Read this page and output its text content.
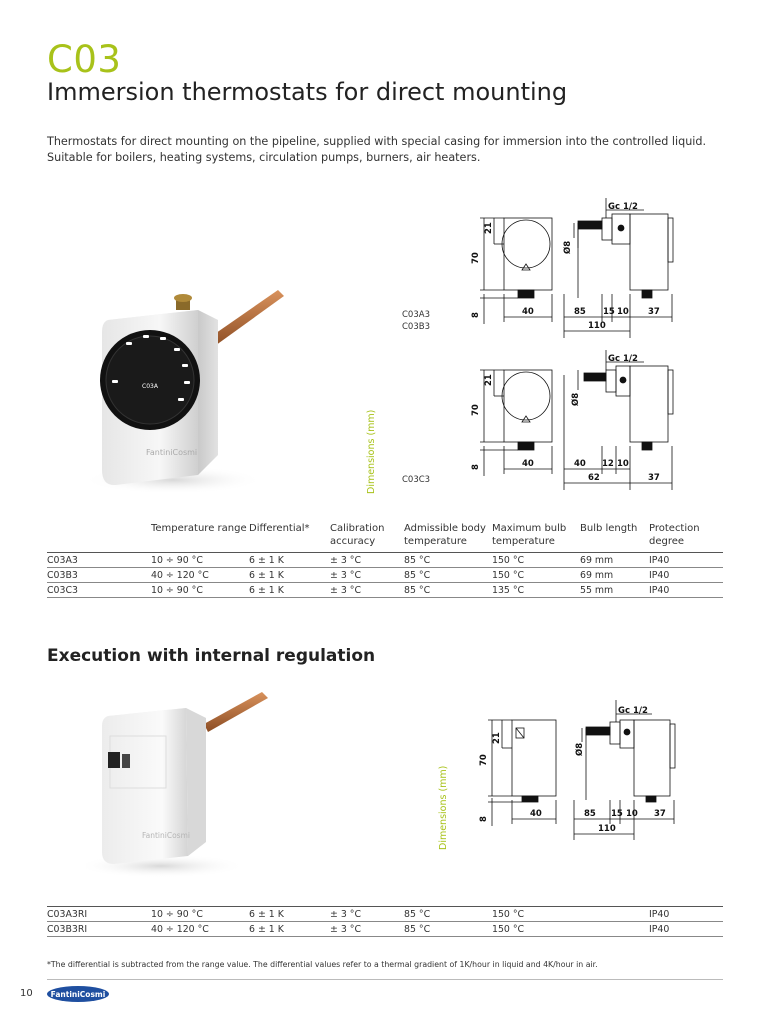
C03
Immersion thermostats for direct mounting

Thermostats for direct mounting on the pipeline, supplied with special casing for immersion into the controlled liquid. Suitable for boilers, heating systems, circulation pumps, burners, air heaters.

C03A
FantiniCosmi
Gc 1/2
21
70
8	40
Ø8
85 15 10 37
110
C03A3
C03B3
Gc 1/2
21
70
8	40
Ø8
40 12 10
62	37
C03C3
Dimensions (mm)
	Temperature range	Differential*	Calibration accuracy	Admissible body temperature	Maximum bulb temperature	Bulb length	Protection degree
C03A3	10 ÷ 90 °C	6 ± 1 K	± 3 °C	85 °C	150 °C	69 mm	IP40
C03B3	40 ÷ 120 °C	6 ± 1 K	± 3 °C	85 °C	150 °C	69 mm	IP40
C03C3	10 ÷ 90 °C	6 ± 1 K	± 3 °C	85 °C	135 °C	55 mm	IP40
Execution with internal regulation
FantiniCosmi
Gc 1/2
21
70
8
40
Ø8
85 15 10 37
110
Dimensions (mm)
C03A3RI	10 ÷ 90 °C	6 ± 1 K	± 3 °C	85 °C	150 °C		IP40
C03B3RI	40 ÷ 120 °C	6 ± 1 K	± 3 °C	85 °C	150 °C		IP40

*The differential is subtracted from the range value. The differential values refer to a thermal gradient of 1K/hour in liquid and 4K/hour in air.

10 FantiniCosmi
